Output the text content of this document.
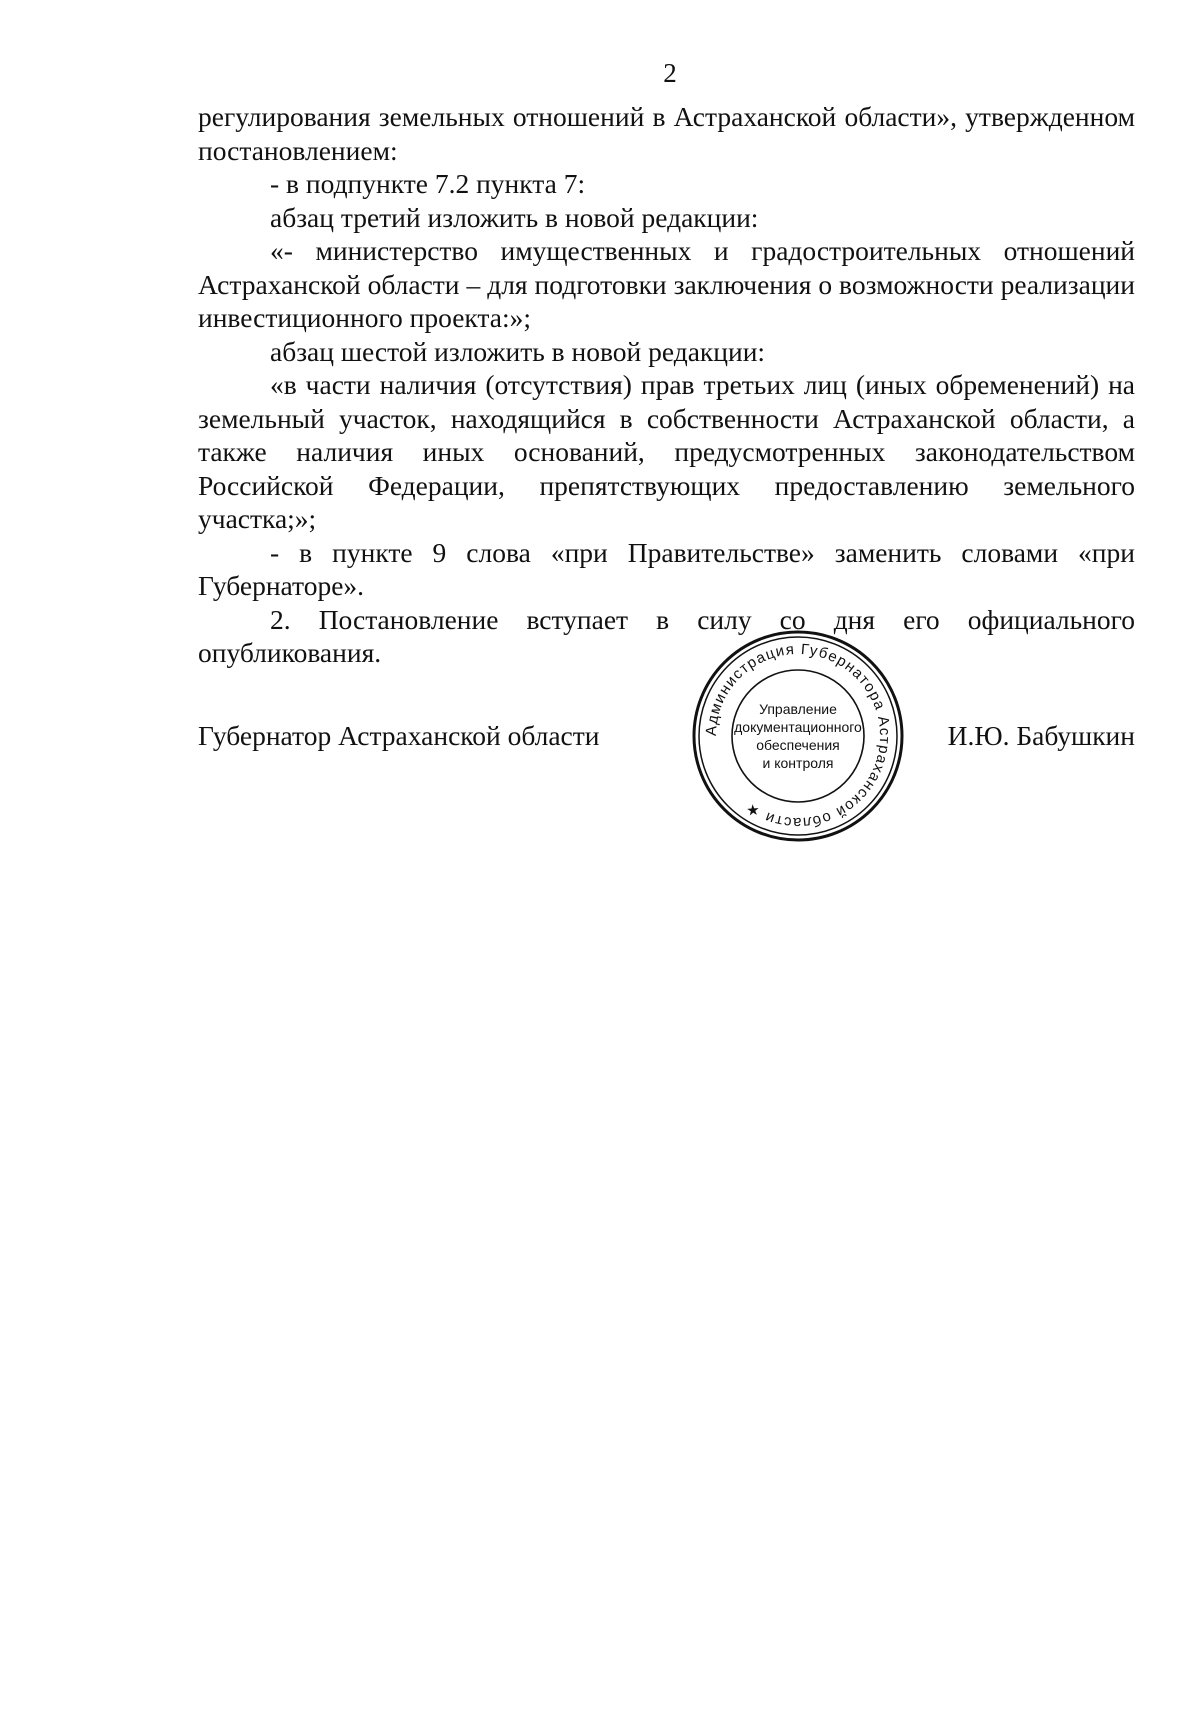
2

регулирования земельных отношений в Астраханской области», утвержденном постановлением:

- в подпункте 7.2 пункта 7:

абзац третий изложить в новой редакции:

«- министерство имущественных и градостроительных отношений Астраханской области – для подготовки заключения о возможности реализации инвестиционного проекта:»;

абзац шестой изложить в новой редакции:

«в части наличия (отсутствия) прав третьих лиц (иных обременений) на земельный участок, находящийся в собственности Астраханской области, а также наличия иных оснований, предусмотренных законодательством Российской Федерации, препятствующих предоставлению земельного участка;»;

- в пункте 9 слова «при Правительстве» заменить словами «при Губернаторе».

2. Постановление вступает в силу со дня его официального опубликования.

Губернатор Астраханской области	И.Ю. Бабушкин
Администрация Губернатора Астраханской области ★
Управление
документационного
обеспечения
и контроля
